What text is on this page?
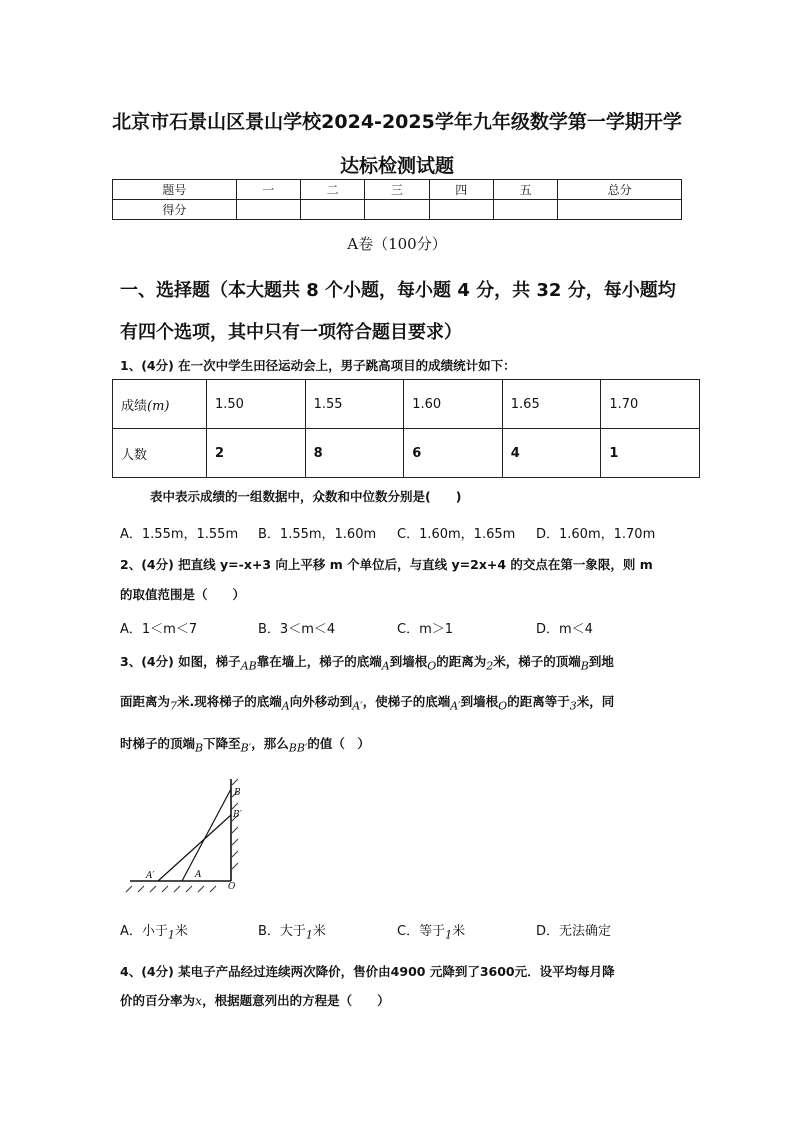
北京市石景山区景山学校2024-2025学年九年级数学第一学期开学
达标检测试题
题号	一	二	三	四	五	总分
得分						
A卷（100分）
一、选择题（本大题共 8 个小题，每小题 4 分，共 32 分，每小题均
有四个选项，其中只有一项符合题目要求）
1、(4分) 在一次中学生田径运动会上，男子跳高项目的成绩统计如下：
成绩(m)	1.50	1.55	1.60	1.65	1.70
人数	2	8	6	4	1
表中表示成绩的一组数据中，众数和中位数分别是(　　)
A．1.55m，1.55m B．1.55m，1.60m C．1.60m，1.65m D．1.60m，1.70m
2、(4分) 把直线 y=-x+3 向上平移 m 个单位后，与直线 y=2x+4 的交点在第一象限，则 m
的取值范围是（　　）
A．1＜m＜7	B．3＜m＜4	C．m＞1	D．m＜4
3、(4分) 如图，梯子$_{AB}$靠在墙上，梯子的底端$_A$到墙根$_O$的距离为$_2$米，梯子的顶端$_B$到地
面距离为$_7$米.现将梯子的底端$_A$向外移动到$_{A'}$，使梯子的底端$_{A'}$到墙根$_O$的距离等于$_3$米，同
时梯子的顶端$_B$下降至$_{B'}$，那么$_{BB'}$的值（　）
B
B′
A′	A
O
A．小于$_1$米	B．大于$_1$米	C．等于$_1$米	D．无法确定
4、(4分) 某电子产品经过连续两次降价，售价由4900 元降到了3600元．设平均每月降
价的百分率为x，根据题意列出的方程是（　　）
